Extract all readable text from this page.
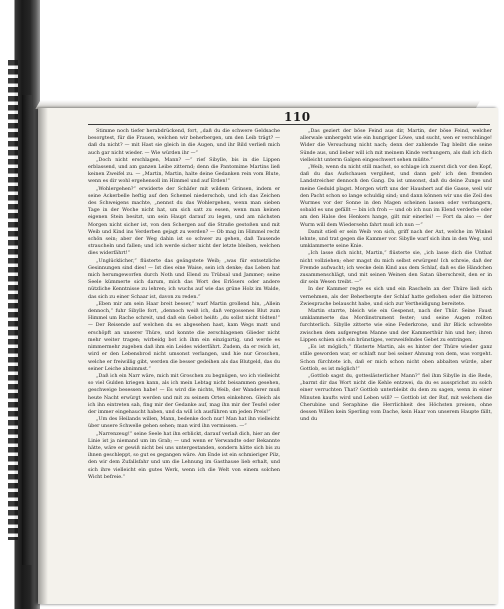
110

Stimme noch tiefer herabdrückend, fort, „daß du die schwere Geldsache besorgtest, für die Frauen, welchen wir beherbergen, um den Leib trägt? — daß du nicht? — mit Hast sie gleich in die Augen, und ihr Bild verließ mich auch gar nicht wieder. — Wie würden ihr —“

„Doch nicht erschlagen, Mann? —“ rief Sibylle, bis in die Lippen erblassend, und am ganzen Leibe zitternd; denn die Pantomime Martins ließ keinen Zweifel zu. — „Martin, Martin, halte deine Gedanken rein vom Blute, wenn es dir wohl ergehensoll im Himmel und auf Erden!“

„Wohlergehen?“ erwiderte der Schäfer mit wildem Grinsen, indem er seine Ackerbelle heftig auf den Schemel niederschob, und ich das Zeichen des Schweigens machte, „nennst du das Wohlergehen, wenn man sieben Tage in der Woche nicht hat, um sich satt zu essen, wenn man keinen eigenen Stein besitzt, um sein Haupt darauf zu legen, und am nächsten Morgen nicht sicher ist, von den Schergen auf die Straße gestoßen und mit Weib und Kind ins Verderben gejagt zu werden? — Ob mag im Himmel recht schön sein; aber der Weg dahin ist so schwer zu gehen, daß Tausende straucheln und fallen; und ich werde sicher nicht der letzte bleiben, welchen dies widerfährt!“

„Unglücklicher,“ flüsterte das geängstete Weib; „was für entsetzliche Gesinnungen sind dies! — Ist dies eine Waise, sein ich denke; das Leben hat mich herumgeworfen durch Noth und Elend zu Trübsal und Jammer; seine Seele kümmerte sich darum, mich das Wort des Erlösers oder andere nützliche Kenntnisse zu lehren; ich wuchs auf wie das grüne Holz im Walde, das sich zu einer Schaar ist, davon zu reden.“

„Eben mir am sein Haar breit besser,“ warf Martin grollend hin, „Allein dennoch,“ fuhr Sibylle fort, „dennoch weiß ich, daß vergossenes Blut zum Himmel um Rache schreit, und daß ein Gebot heißt: „du sollst nicht tödten!“ — Der Reisende auf welchen du es abgesehen hast, kam Wegs matt und erschöpft an unserer Thüre, und konnte die zerschlagenen Glieder nicht mehr weiter tragen; wirbeidg bot ich ihm ein einzigartig, und werde es nimmermehr zugeben daß ihm ein Leides widerfährt. Zudem, da er reich ist, wird er den Lebensbrod nicht umsonst verlangen, und hie nur Groschen, welche er freiwillig gibt, werden die besser gedeihen als das Blutgeld, das du seiner Leiche abnimmst.“

„Daß ich ein Narr wäre, mich mit Groschen zu begnügen, wo ich vielleicht so viel Gulden kriegen kann, als ich mein Lebtag nicht beisammen gesehen, geschweige besessen habe! — Es wird die nichts, Weib, der Wanderer muß heute Nacht erwürgt werden und mit zu seinem Orten einkehren. Gleich als ich ihn eintreten sah, fing mir der Gedanke auf, mag ihn mir der Teufel oder der immer eingehaucht haben, und da will ich ausführen um jeden Preis!“

„Um des Heilands willen, Mann, bedenke doch nur! Man hat ihn vielleicht über unsere Schwelle gehen sehen; man wird ihn vermissen. —“

„Narrenzeug!“ seine Seele hat ihn erblickt, darauf verlaß dich, hier an der Linie ist ja niemand um im Grab; — und wenn er Verwandte oder Bekannte hätte, wäre er gewiß nicht bei uns untergestanden, sondern hätte sich bis zu ihnen geschleppt, so gut es gegangen wäre. Am Ende ist ein schmieriger Pilz, den wir dem Zufallsfahr und um die Lehnung im Gasthause lieb erhalt, und sich ihre vielleicht ein gutes Werk, wenn ich die Welt von einem solchen Wicht befreie.“

„Das geziert der böse Feind aus dir, Martin, der böse Feind, welcher allerwale umhergeht wie ein hungriger Löwe, und sucht, wen er verschlinge! Wider die Versuchung nicht nach; denn der zahlende Tag bleibt die seine Sünde aus, und lieber will ich mit meinem Kinde verhungern, als daß ich dich vielleicht unterm Galgen eingeschwert sehen müßte.“

„Weib, wenn du nicht still machst, so schlage ich zuerst dich vor den Kopf, daß du das Aufschauen vergißest, und dann geh' ich den fremden Landstreicher dennoch den Gang. Da ist umsonst, daß du deine Zunge und meine Geduld plagst. Morgen wirft uns der Haushert auf die Gasse, weil wir den Pacht schon so lange schuldig sind; und dann können wir uns die Zeil des Wurmes vor der Sonne in den Magen scheinen lassen oder verhungern, sobald es uns gefällt — bin ich froh — und ob ich nun im Elend verderbe oder am den Halse des Henkers hange, gilt mir einerlei! — Fort da also — der Wurm will dem Wiedersehn fahrt muß ich nun —“

Damit stieß er sein Weib von sich, griff nach der Axt, welche im Winkel lehnte, und trat gegen die Kammer vor. Sibylle warf sich ihm in den Weg, und umklammerte seine Knie.

„Ich lasse dich nicht, Martin,“ flüsterte sie, „ich lasse dich die Unthat nicht vollziehen; eher magst du mich selbst erwürgen! Ich schreie, daß der Fremde aufwacht; ich wecke dein Kind aus dem Schlaf, daß es die Händchen zusammenschlägt, und mit seinen Weinen den Satan überschreit, den er in dir sein Wesen treibt. —“

In der Kammer regte es sich und ein Rascheln an der Thüre ließ sich vernehmen, als der Beherbergte der Schlaf hatte geflohen oder die bitteren Zwiesprache belauscht habe, und sich zur Vertheidigung bereitete.

Martin starrte, bleich wie ein Gespenst, nach der Thür. Seine Faust umklammerte das Mordinstrument fester; und seine Augen rollten furchterlich. Sibylle zitterte wie eine Federkrone, und ihr Blick schwebte zwischen dem aufgeregten Manne und der Kammerthür hin und her; ihren Lippen schien sich ein brünstiges, verzweifelndes Gebet zu entringen.

„Es ist möglich,“ flüsterte Martin, als es hinter der Thüre wieder ganz stille geworden war, er schlaft nur bei seiner Ahnung von dem, was vorgeht. Schon fürchtete ich, daß er mich schon nicht oben abbalten würde, aber Gottlob, es ist möglich!“

„Gottlob sagst du, gotteslästerlicher Mann?“ fiel ihm Sibylle in die Rede, „barmt dir das Wort nicht die Kehle entzwei, da du es aussprichst zu solch einer verruchten That? Gottlob unterbleibt du dem zu sagen, wenn in einer Minuten kaufts wird und Leben will? — Gottlob ist der Ruf, mit welchem die Cherubine und Seraphine die Herrlichkeit des Höchsten preisen, ohne dessen Willen kein Sperling vom Dache, kein Haar von unserem Haupte fällt, und du
